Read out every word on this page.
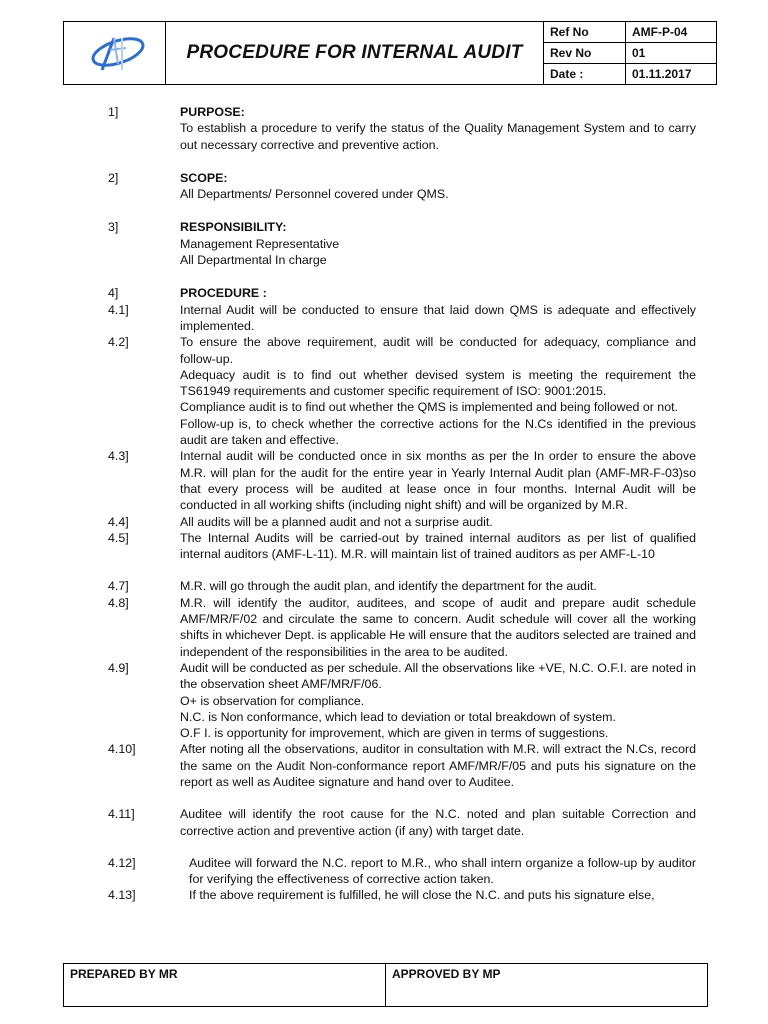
PROCEDURE FOR INTERNAL AUDIT
Ref No	AMF-P-04
Rev No	01
Date :	01.11.2017
1]	PURPOSE:
To establish a procedure to verify the status of the Quality Management System and to carry out necessary corrective and preventive action.
2]	SCOPE:
All Departments/ Personnel covered under QMS.
3]	RESPONSIBILITY:
Management Representative
All Departmental In charge
4]	PROCEDURE :
4.1]	Internal Audit will be conducted to ensure that laid down QMS is adequate and effectively implemented.
4.2]	To ensure the above requirement, audit will be conducted for adequacy, compliance and follow-up.
Adequacy audit is to find out whether devised system is meeting the requirement the TS61949 requirements and customer specific requirement of ISO: 9001:2015.
Compliance audit is to find out whether the QMS is implemented and being followed or not.
Follow-up is, to check whether the corrective actions for the N.Cs identified in the previous audit are taken and effective.
4.3]	Internal audit will be conducted once in six months as per the In order to ensure the above M.R. will plan for the audit for the entire year in Yearly Internal Audit plan (AMF-MR-F-03)so that every process will be audited at lease once in four months. Internal Audit will be conducted in all working shifts (including night shift) and will be organized by M.R.
4.4]	All audits will be a planned audit and not a surprise audit.
4.5]	The Internal Audits will be carried-out by trained internal auditors as per list of qualified internal auditors (AMF-L-11). M.R. will maintain list of trained auditors as per AMF-L-10
4.7]	M.R. will go through the audit plan, and identify the department for the audit.
4.8]	M.R. will identify the auditor, auditees, and scope of audit and prepare audit schedule AMF/MR/F/02 and circulate the same to concern. Audit schedule will cover all the working shifts in whichever Dept. is applicable He will ensure that the auditors selected are trained and independent of the responsibilities in the area to be audited.
4.9]	Audit will be conducted as per schedule. All the observations like +VE, N.C. O.F.I. are noted in the observation sheet AMF/MR/F/06.
O+ is observation for compliance.
N.C. is Non conformance, which lead to deviation or total breakdown of system.
O.F I. is opportunity for improvement, which are given in terms of suggestions.
4.10]	After noting all the observations, auditor in consultation with M.R. will extract the N.Cs, record the same on the Audit Non-conformance report AMF/MR/F/05 and puts his signature on the report as well as Auditee signature and hand over to Auditee.
4.11]	Auditee will identify the root cause for the N.C. noted and plan suitable Correction and corrective action and preventive action (if any) with target date.
4.12]	Auditee will forward the N.C. report to M.R., who shall intern organize a follow-up by auditor for verifying the effectiveness of corrective action taken.
4.13]	If the above requirement is fulfilled, he will close the N.C. and puts his signature else,
PREPARED BY MR	APPROVED BY MP
